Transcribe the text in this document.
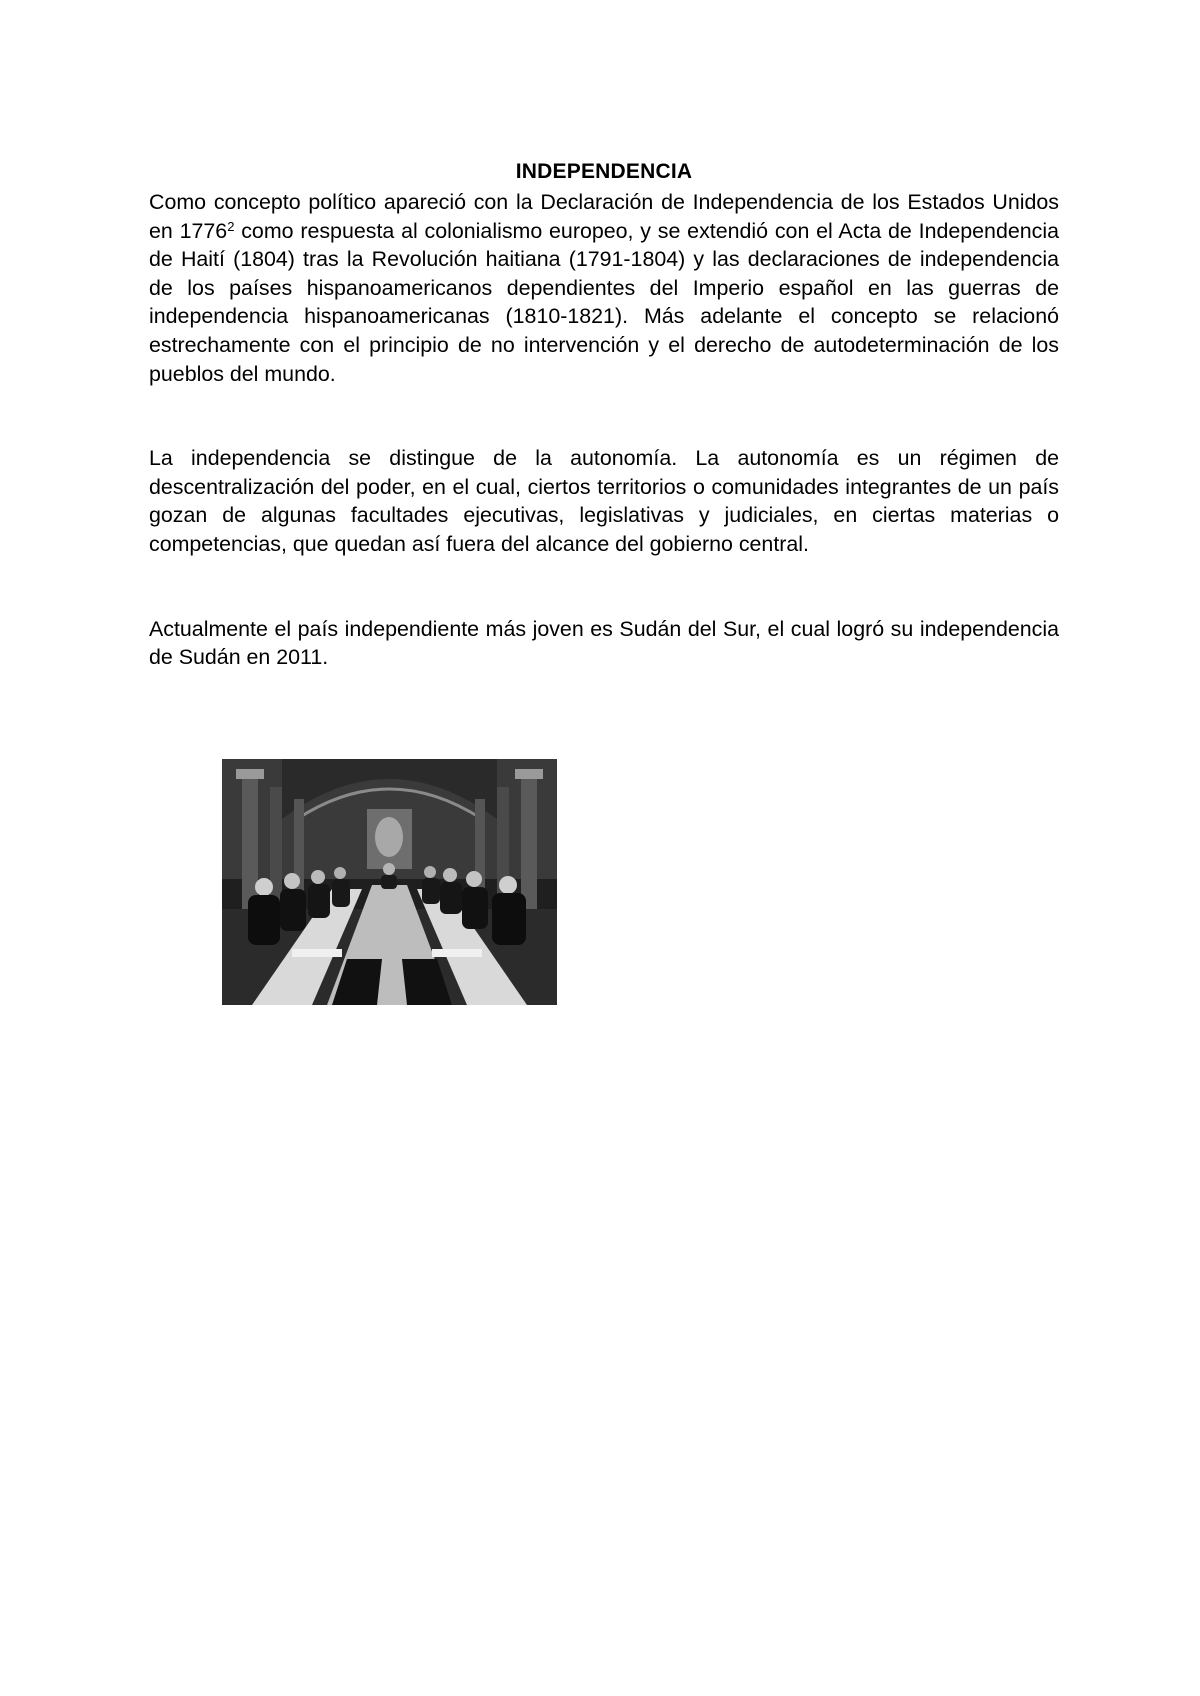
INDEPENDENCIA

Como concepto político apareció con la Declaración de Independencia de los Estados Unidos en 1776$^2$ como respuesta al colonialismo europeo, y se extendió con el Acta de Independencia de Haití (1804) tras la Revolución haitiana (1791-1804) y las declaraciones de independencia de los países hispanoamericanos dependientes del Imperio español en las guerras de independencia hispanoamericanas (1810-1821). Más adelante el concepto se relacionó estrechamente con el principio de no intervención y el derecho de autodeterminación de los pueblos del mundo.

La independencia se distingue de la autonomía. La autonomía es un régimen de descentralización del poder, en el cual, ciertos territorios o comunidades integrantes de un país gozan de algunas facultades ejecutivas, legislativas y judiciales, en ciertas materias o competencias, que quedan así fuera del alcance del gobierno central.

Actualmente el país independiente más joven es Sudán del Sur, el cual logró su independencia de Sudán en 2011.
